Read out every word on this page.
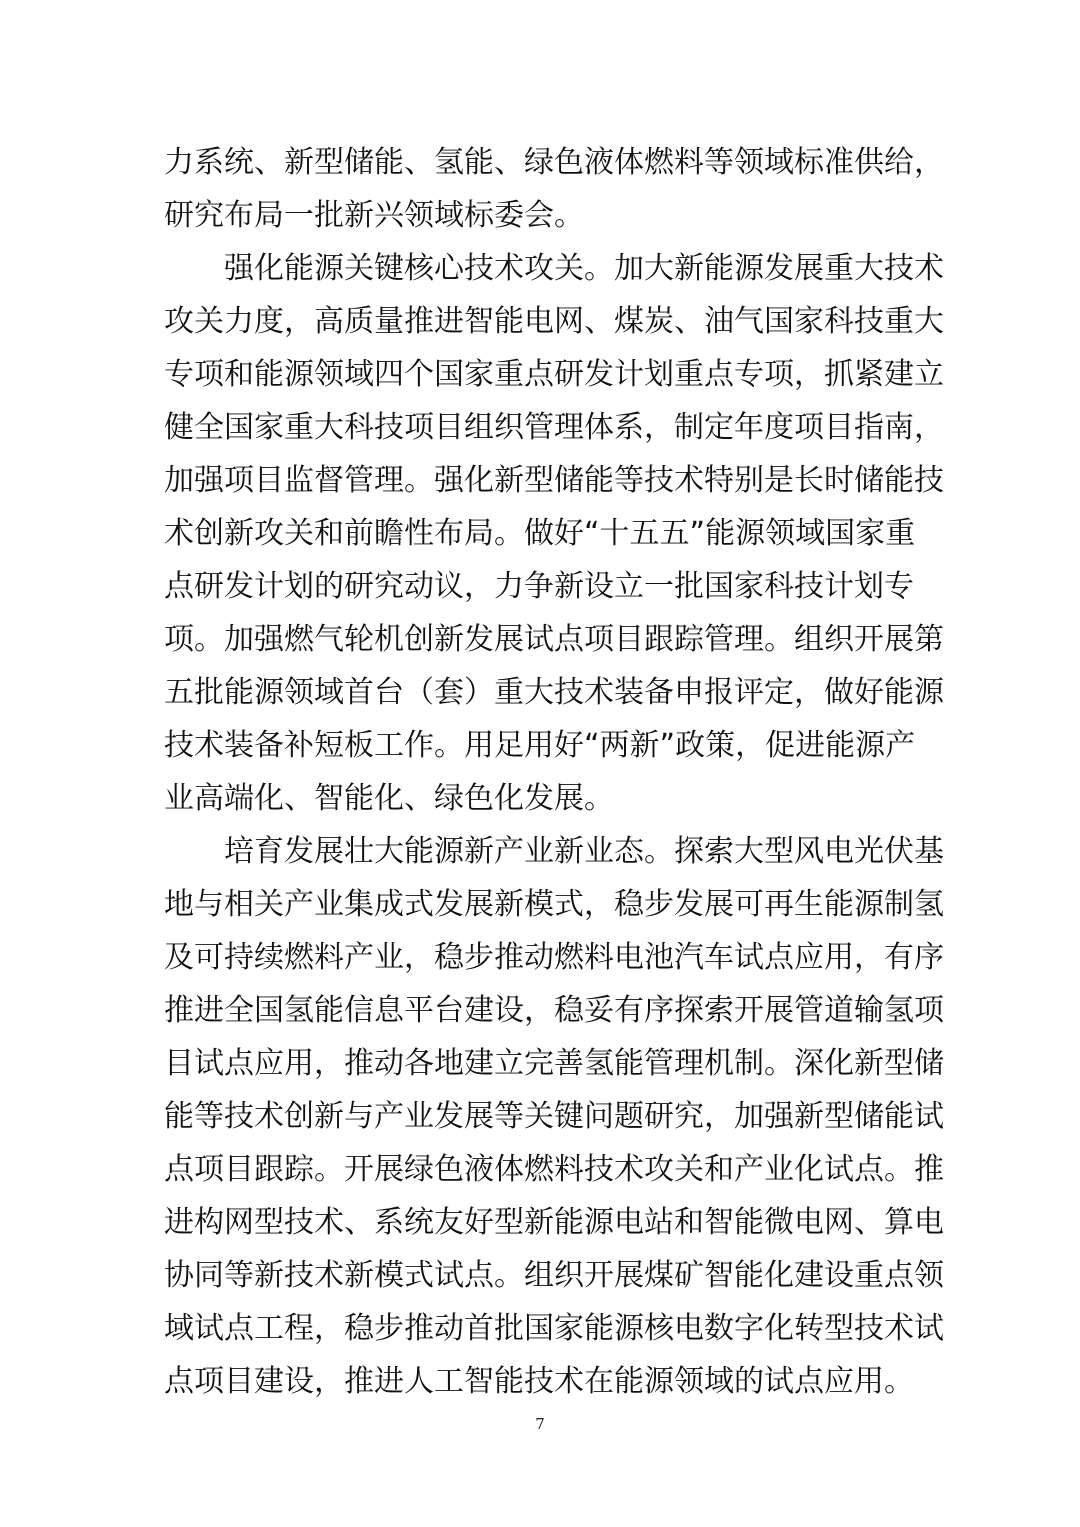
力系统、新型储能、氢能、绿色液体燃料等领域标准供给，
研究布局一批新兴领域标委会。
强化能源关键核心技术攻关。加大新能源发展重大技术
攻关力度，高质量推进智能电网、煤炭、油气国家科技重大
专项和能源领域四个国家重点研发计划重点专项，抓紧建立
健全国家重大科技项目组织管理体系，制定年度项目指南，
加强项目监督管理。强化新型储能等技术特别是长时储能技
术创新攻关和前瞻性布局。做好“十五五”能源领域国家重
点研发计划的研究动议，力争新设立一批国家科技计划专
项。加强燃气轮机创新发展试点项目跟踪管理。组织开展第
五批能源领域首台（套）重大技术装备申报评定，做好能源
技术装备补短板工作。用足用好“两新”政策，促进能源产
业高端化、智能化、绿色化发展。
培育发展壮大能源新产业新业态。探索大型风电光伏基
地与相关产业集成式发展新模式，稳步发展可再生能源制氢
及可持续燃料产业，稳步推动燃料电池汽车试点应用，有序
推进全国氢能信息平台建设，稳妥有序探索开展管道输氢项
目试点应用，推动各地建立完善氢能管理机制。深化新型储
能等技术创新与产业发展等关键问题研究，加强新型储能试
点项目跟踪。开展绿色液体燃料技术攻关和产业化试点。推
进构网型技术、系统友好型新能源电站和智能微电网、算电
协同等新技术新模式试点。组织开展煤矿智能化建设重点领
域试点工程，稳步推动首批国家能源核电数字化转型技术试
点项目建设，推进人工智能技术在能源领域的试点应用。
7
